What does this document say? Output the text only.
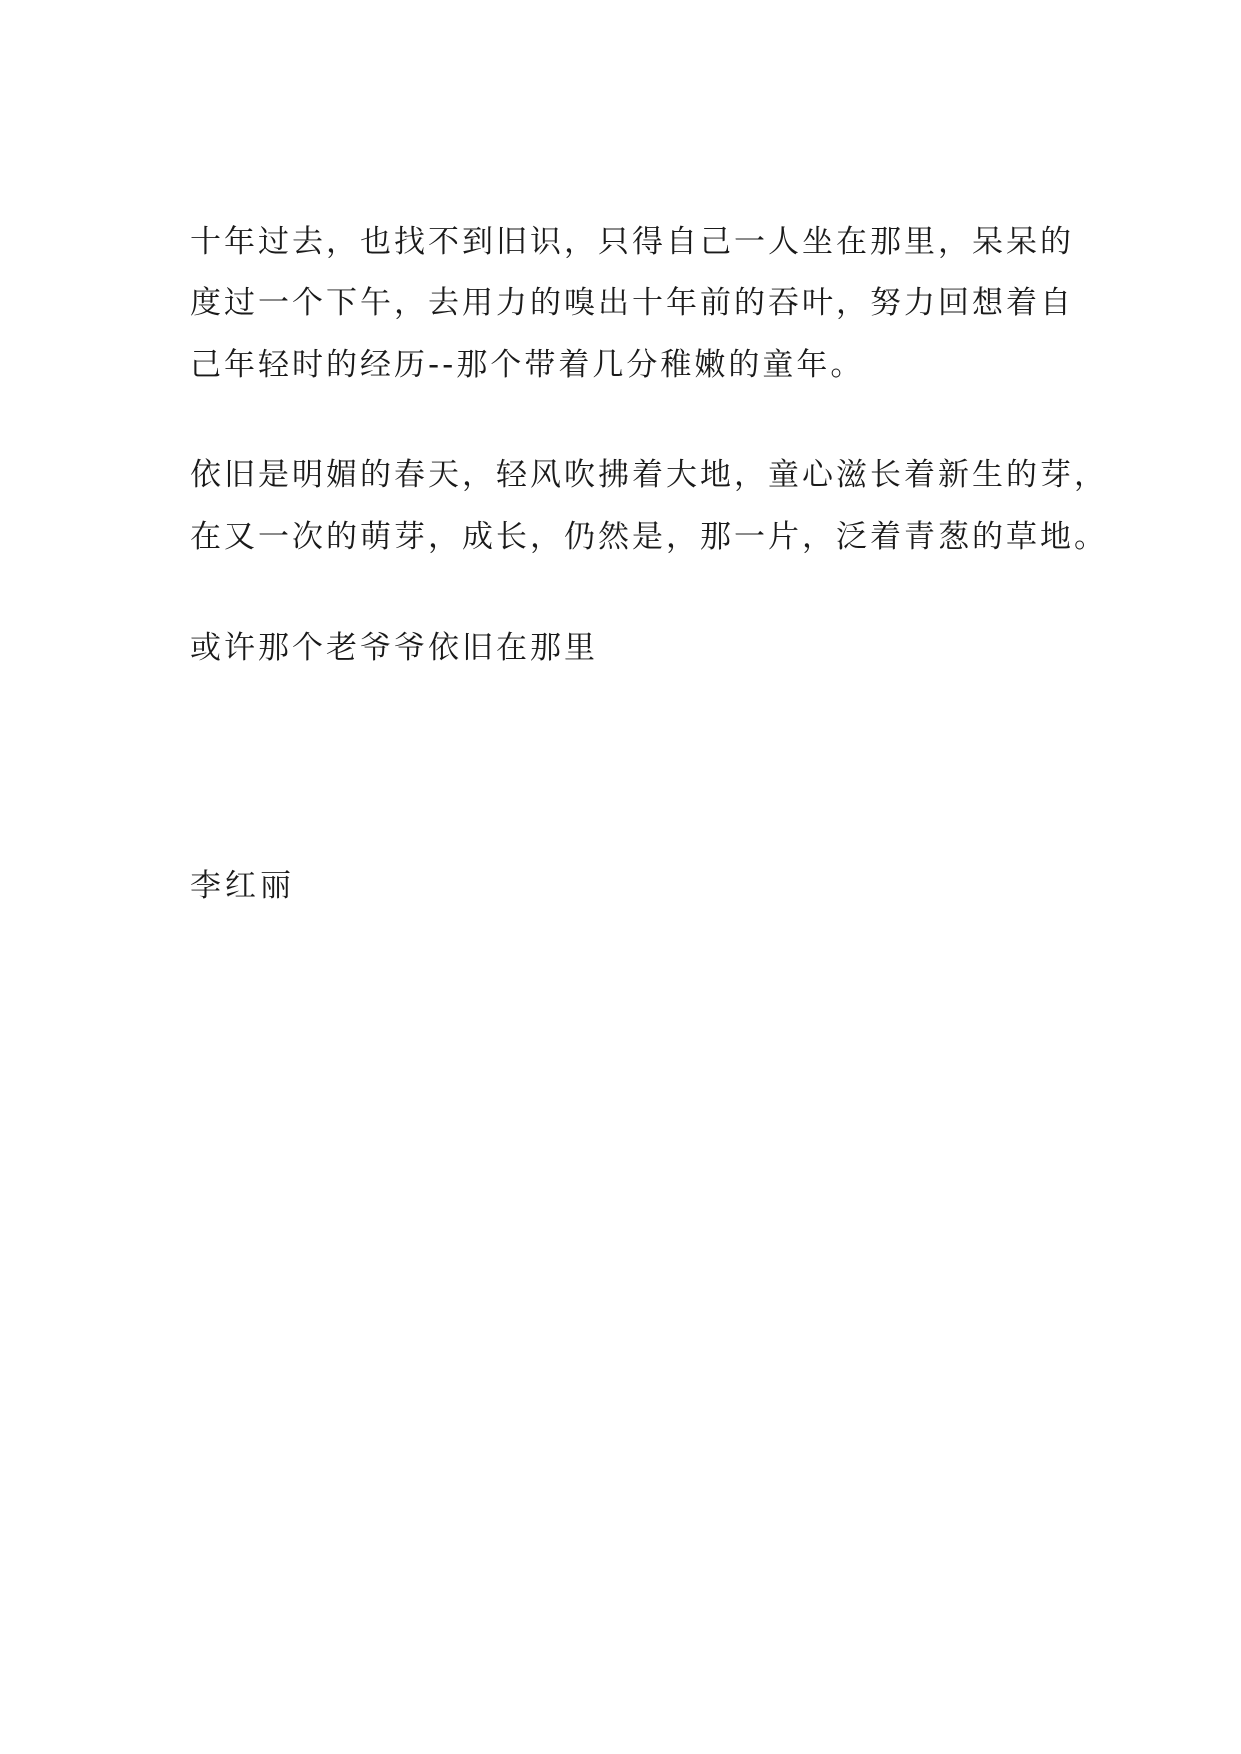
十年过去，也找不到旧识，只得自己一人坐在那里，呆呆的
度过一个下午，去用力的嗅出十年前的吞叶，努力回想着自
己年轻时的经历--那个带着几分稚嫩的童年。
依旧是明媚的春天，轻风吹拂着大地，童心滋长着新生的芽，
在又一次的萌芽，成长，仍然是，那一片，泛着青葱的草地。
或许那个老爷爷依旧在那里
李红丽
